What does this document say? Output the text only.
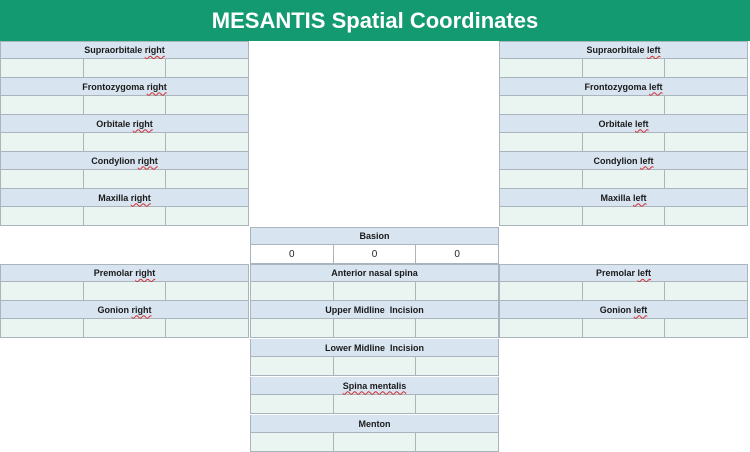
MESANTIS Spatial Coordinates
Supraorbitale
right
Frontozygoma
right
Orbitale
right
Condylion
right
Maxilla
right
Premolar
right
Gonion
right
Supraorbitale
left
Frontozygoma
left
Orbitale
left
Condylion
left
Maxilla
left
Premolar
left
Gonion
left
Basion
0	0	0
Anterior nasal spina
Upper Midline  Incision
Lower Midline  Incision
Spina mentalis
Menton
